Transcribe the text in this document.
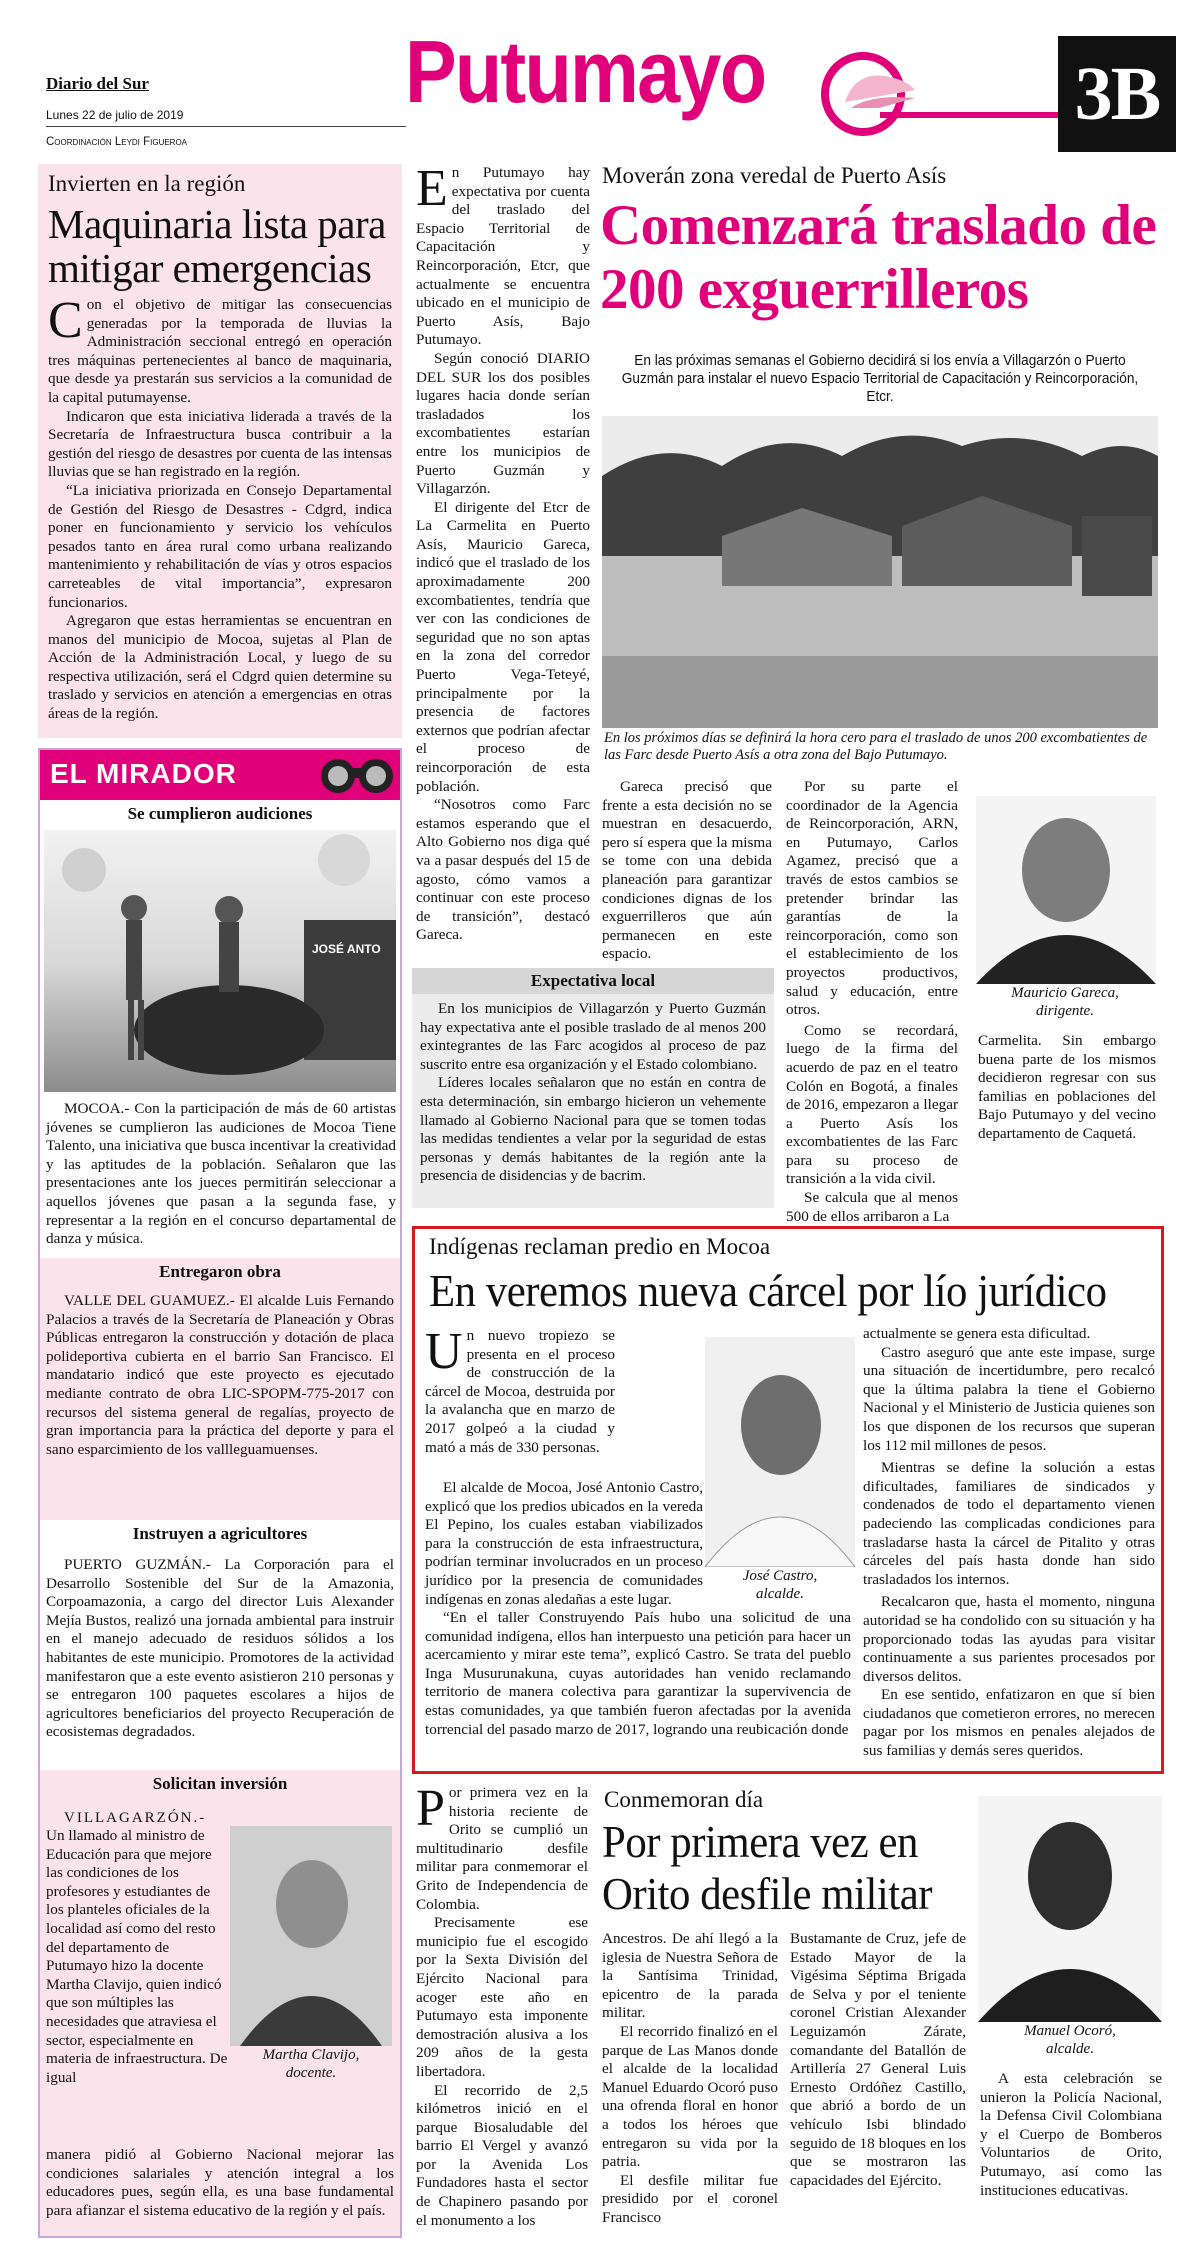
Diario del Sur
Lunes 22 de julio de 2019
Coordinación Leydi Figueroa
Putumayo	3B
Invierten en la región
Maquinaria lista para mitigar emergencias

Con el objetivo de mitigar las consecuencias generadas por la temporada de lluvias la Administración seccional entregó en operación tres máquinas pertenecientes al banco de maquinaria, que desde ya prestarán sus servicios a la comunidad de la capital putumayense.

Indicaron que esta iniciativa liderada a través de la Secretaría de Infraestructura busca contribuir a la gestión del riesgo de desastres por cuenta de las intensas lluvias que se han registrado en la región.

“La iniciativa priorizada en Consejo Departamental de Gestión del Riesgo de Desastres - Cdgrd, indica poner en funcionamiento y servicio los vehículos pesados tanto en área rural como urbana realizando mantenimiento y rehabilitación de vías y otros espacios carreteables de vital importancia”, expresaron funcionarios.

Agregaron que estas herramientas se encuentran en manos del municipio de Mocoa, sujetas al Plan de Acción de la Administración Local, y luego de su respectiva utilización, será el Cdgrd quien determine su traslado y servicios en atención a emergencias en otras áreas de la región.

EL MIRADOR
Se cumplieron audiciones
JOSÉ ANTO

MOCOA.- Con la participación de más de 60 artistas jóvenes se cumplieron las audiciones de Mocoa Tiene Talento, una iniciativa que busca incentivar la creatividad y las aptitudes de la población. Señalaron que las presentaciones ante los jueces permitirán seleccionar a aquellos jóvenes que pasan a la segunda fase, y representar a la región en el concurso departamental de danza y música.

Entregaron obra

VALLE DEL GUAMUEZ.- El alcalde Luis Fernando Palacios a través de la Secretaría de Planeación y Obras Públicas entregaron la construcción y dotación de placa polideportiva cubierta en el barrio San Francisco. El mandatario indicó que este proyecto es ejecutado mediante contrato de obra LIC-SPOPM-775-2017 con recursos del sistema general de regalías, proyecto de gran importancia para la práctica del deporte y para el sano esparcimiento de los vallleguamuenses.

Instruyen a agricultores

PUERTO GUZMÁN.- La Corporación para el Desarrollo Sostenible del Sur de la Amazonia, Corpoamazonia, a cargo del director Luis Alexander Mejía Bustos, realizó una jornada ambiental para instruir en el manejo adecuado de residuos sólidos a los habitantes de este municipio. Promotores de la actividad manifestaron que a este evento asistieron 210 personas y se entregaron 100 paquetes escolares a hijos de agricultores beneficiarios del proyecto Recuperación de ecosistemas degradados.

Solicitan inversión
Martha Clavijo,
docente.
VILLAGARZÓN.-

Un llamado al ministro de Educación para que mejore las condiciones de los profesores y estudiantes de los planteles oficiales de la localidad así como del resto del departamento de Putumayo hizo la docente Martha Clavijo, quien indicó que son múltiples las necesidades que atraviesa el sector, especialmente en materia de infraestructura. De igual

manera pidió al Gobierno Nacional mejorar las condiciones salariales y atención integral a los educadores pues, según ella, es una base fundamental para afianzar el sistema educativo de la región y el país.

En Putumayo hay expectativa por cuenta del traslado del Espacio Territorial de Capacitación y Reincorporación, Etcr, que actualmente se encuentra ubicado en el municipio de Puerto Asís, Bajo Putumayo.

Según conoció DIARIO DEL SUR los dos posibles lugares hacia donde serían trasladados los excombatientes estarían entre los municipios de Puerto Guzmán y Villagarzón.

El dirigente del Etcr de La Carmelita en Puerto Asís, Mauricio Gareca, indicó que el traslado de los aproximadamente 200 excombatientes, tendría que ver con las condiciones de seguridad que no son aptas en la zona del corredor Puerto Vega-Teteyé, principalmente por la presencia de factores externos que podrían afectar el proceso de reincorporación de esta población.

“Nosotros como Farc estamos esperando que el Alto Gobierno nos diga qué va a pasar después del 15 de agosto, cómo vamos a continuar con este proceso de transición”, destacó Gareca.

Moverán zona veredal de Puerto Asís
Comenzará traslado de 200 exguerrilleros
En las próximas semanas el Gobierno decidirá si los envía a Villagarzón o Puerto Guzmán para instalar el nuevo Espacio Territorial de Capacitación y Reincorporación, Etcr.
En los próximos días se definirá la hora cero para el traslado de unos 200 excombatientes de las Farc desde Puerto Asís a otra zona del Bajo Putumayo.

Gareca precisó que frente a esta decisión no se muestran en desacuerdo, pero sí espera que la misma se tome con una debida planeación para garantizar condiciones dignas de los exguerrilleros que aún permanecen en este espacio.

Por su parte el coordinador de la Agencia de Reincorporación, ARN, en Putumayo, Carlos Agamez, precisó que a través de estos cambios se pretender brindar las garantías de la reincorporación, como son el establecimiento de los proyectos productivos, salud y educación, entre otros.

Como se recordará, luego de la firma del acuerdo de paz en el teatro Colón en Bogotá, a finales de 2016, empezaron a llegar a Puerto Asís los excombatientes de las Farc para su proceso de transición a la vida civil.

Se calcula que al menos 500 de ellos arribaron a La

Mauricio Gareca,
dirigente.

Carmelita. Sin embargo buena parte de los mismos decidieron regresar con sus familias en poblaciones del Bajo Putumayo y del vecino departamento de Caquetá.

Expectativa local

En los municipios de Villagarzón y Puerto Guzmán hay expectativa ante el posible traslado de al menos 200 exintegrantes de las Farc acogidos al proceso de paz suscrito entre esa organización y el Estado colombiano.

Líderes locales señalaron que no están en contra de esta determinación, sin embargo hicieron un vehemente llamado al Gobierno Nacional para que se tomen todas las medidas tendientes a velar por la seguridad de estas personas y demás habitantes de la región ante la presencia de disidencias y de bacrim.

Indígenas reclaman predio en Mocoa
En veremos nueva cárcel por lío jurídico

Un nuevo tropiezo se presenta en el proceso de construcción de la cárcel de Mocoa, destruida por la avalancha que en marzo de 2017 golpeó a la ciudad y mató a más de 330 personas.

José Castro,
alcalde.

El alcalde de Mocoa, José Antonio Castro, explicó que los predios ubicados en la vereda El Pepino, los cuales estaban viabilizados para la construcción de esta infraestructura, podrían terminar involucrados en un proceso jurídico por la presencia de comunidades indígenas en zonas aledañas a este lugar.

“En el taller Construyendo País hubo una solicitud de una comunidad indígena, ellos han interpuesto una petición para hacer un acercamiento y mirar este tema”, explicó Castro. Se trata del pueblo Inga Musurunakuna, cuyas autoridades han venido reclamando territorio de manera colectiva para garantizar la supervivencia de estas comunidades, ya que también fueron afectadas por la avenida torrencial del pasado marzo de 2017, logrando una reubicación donde

actualmente se genera esta dificultad.

Castro aseguró que ante este impase, surge una situación de incertidumbre, pero recalcó que la última palabra la tiene el Gobierno Nacional y el Ministerio de Justicia quienes son los que disponen de los recursos que superan los 112 mil millones de pesos.

Mientras se define la solución a estas dificultades, familiares de sindicados y condenados de todo el departamento vienen padeciendo las complicadas condiciones para trasladarse hasta la cárcel de Pitalito y otras cárceles del país hasta donde han sido trasladados los internos.

Recalcaron que, hasta el momento, ninguna autoridad se ha condolido con su situación y ha proporcionado todas las ayudas para visitar continuamente a sus parientes procesados por diversos delitos.

En ese sentido, enfatizaron en que sí bien ciudadanos que cometieron errores, no merecen pagar por los mismos en penales alejados de sus familias y demás seres queridos.

Por primera vez en la historia reciente de Orito se cumplió un multitudinario desfile militar para conmemorar el Grito de Independencia de Colombia.

Precisamente ese municipio fue el escogido por la Sexta División del Ejército Nacional para acoger este año en Putumayo esta imponente demostración alusiva a los 209 años de la gesta libertadora.

El recorrido de 2,5 kilómetros inició en el parque Biosaludable del barrio El Vergel y avanzó por la Avenida Los Fundadores hasta el sector de Chapinero pasando por el monumento a los

Conmemoran día
Por primera vez en Orito desfile militar

Ancestros. De ahí llegó a la iglesia de Nuestra Señora de la Santísima Trinidad, epicentro de la parada militar.

El recorrido finalizó en el parque de Las Manos donde el alcalde de la localidad Manuel Eduardo Ocoró puso una ofrenda floral en honor a todos los héroes que entregaron su vida por la patria.

El desfile militar fue presidido por el coronel Francisco

Bustamante de Cruz, jefe de Estado Mayor de la Vigésima Séptima Brigada de Selva y por el teniente coronel Cristian Alexander Leguizamón Zárate, comandante del Batallón de Artillería 27 General Luis Ernesto Ordóñez Castillo, que abrió a bordo de un vehículo Isbi blindado seguido de 18 bloques en los que se mostraron las capacidades del Ejército.

Manuel Ocoró,
alcalde.

A esta celebración se unieron la Policía Nacional, la Defensa Civil Colombiana y el Cuerpo de Bomberos Voluntarios de Orito, Putumayo, así como las instituciones educativas.
